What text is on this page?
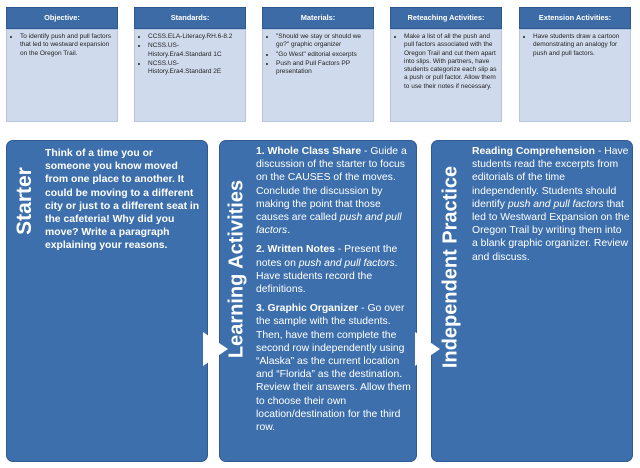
Objective:
• To identify push and pull factors that led to westward expansion on the Oregon Trail.
Standards:
• CCSS.ELA-Literacy.RH.6-8.2
• NCSS.US-History.Era4.Standard 1C
• NCSS.US-History.Era4.Standard 2E
Materials:
• "Should we stay or should we go?" graphic organizer
• "Go West" editorial excerpts
• Push and Pull Factors PP presentation
Reteaching Activities:
• Make a list of all the push and pull factors associated with the Oregon Trail and cut them apart into slips. With partners, have students categorize each slip as a push or pull factor. Allow them to use their notes if necessary.
Extension Activities:
• Have students draw a cartoon demonstrating an analogy for push and pull factors.
Starter
Think of a time you or someone you know moved from one place to another. It could be moving to a different city or just to a different seat in the cafeteria! Why did you move? Write a paragraph explaining your reasons.	Learning Activities

1. Whole Class Share - Guide a discussion of the starter to focus on the CAUSES of the moves. Conclude the discussion by making the point that those causes are called push and pull factors.

2. Written Notes - Present the notes on push and pull factors. Have students record the definitions.

3. Graphic Organizer - Go over the sample with the students. Then, have them complete the second row independently using “Alaska” as the current location and “Florida” as the destination. Review their answers. Allow them to choose their own location/destination for the third row.

Independent Practice

Reading Comprehension - Have students read the excerpts from editorials of the time independently. Students should identify push and pull factors that led to Westward Expansion on the Oregon Trail by writing them into a blank graphic organizer. Review and discuss.
